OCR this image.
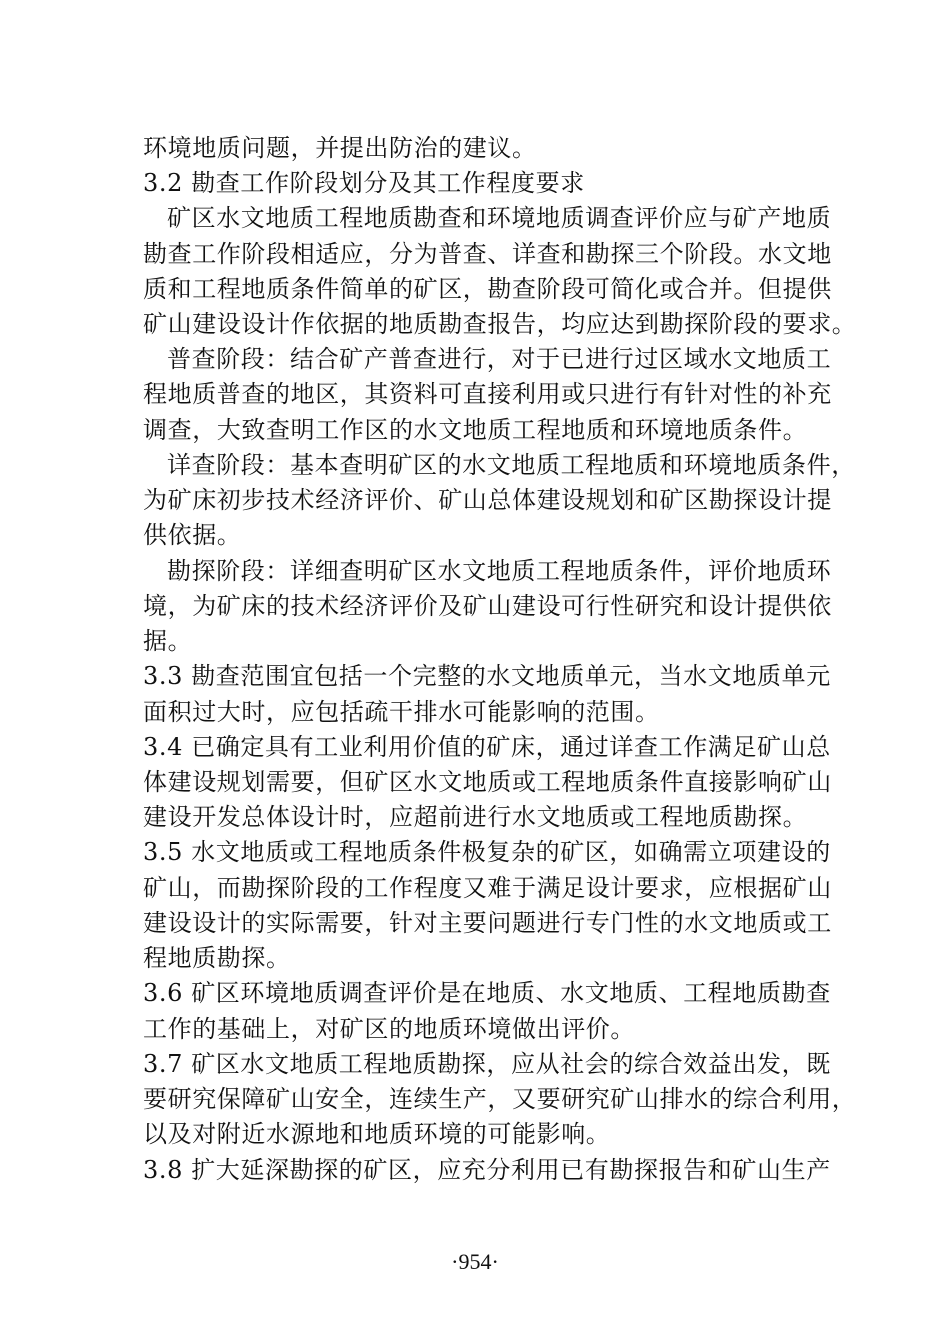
环境地质问题，并提出防治的建议。
3.2 勘查工作阶段划分及其工作程度要求
矿区水文地质工程地质勘查和环境地质调查评价应与矿产地质
勘查工作阶段相适应，分为普查、详查和勘探三个阶段。水文地
质和工程地质条件简单的矿区，勘查阶段可简化或合并。但提供
矿山建设设计作依据的地质勘查报告，均应达到勘探阶段的要求。
普查阶段：结合矿产普查进行，对于已进行过区域水文地质工
程地质普查的地区，其资料可直接利用或只进行有针对性的补充
调查，大致查明工作区的水文地质工程地质和环境地质条件。
详查阶段：基本查明矿区的水文地质工程地质和环境地质条件，
为矿床初步技术经济评价、矿山总体建设规划和矿区勘探设计提
供依据。
勘探阶段：详细查明矿区水文地质工程地质条件，评价地质环
境，为矿床的技术经济评价及矿山建设可行性研究和设计提供依
据。
3.3 勘查范围宜包括一个完整的水文地质单元，当水文地质单元
面积过大时，应包括疏干排水可能影响的范围。
3.4 已确定具有工业利用价值的矿床，通过详查工作满足矿山总
体建设规划需要，但矿区水文地质或工程地质条件直接影响矿山
建设开发总体设计时，应超前进行水文地质或工程地质勘探。
3.5 水文地质或工程地质条件极复杂的矿区，如确需立项建设的
矿山，而勘探阶段的工作程度又难于满足设计要求，应根据矿山
建设设计的实际需要，针对主要问题进行专门性的水文地质或工
程地质勘探。
3.6 矿区环境地质调查评价是在地质、水文地质、工程地质勘查
工作的基础上，对矿区的地质环境做出评价。
3.7 矿区水文地质工程地质勘探，应从社会的综合效益出发，既
要研究保障矿山安全，连续生产，又要研究矿山排水的综合利用，
以及对附近水源地和地质环境的可能影响。
3.8 扩大延深勘探的矿区，应充分利用已有勘探报告和矿山生产
·954·
